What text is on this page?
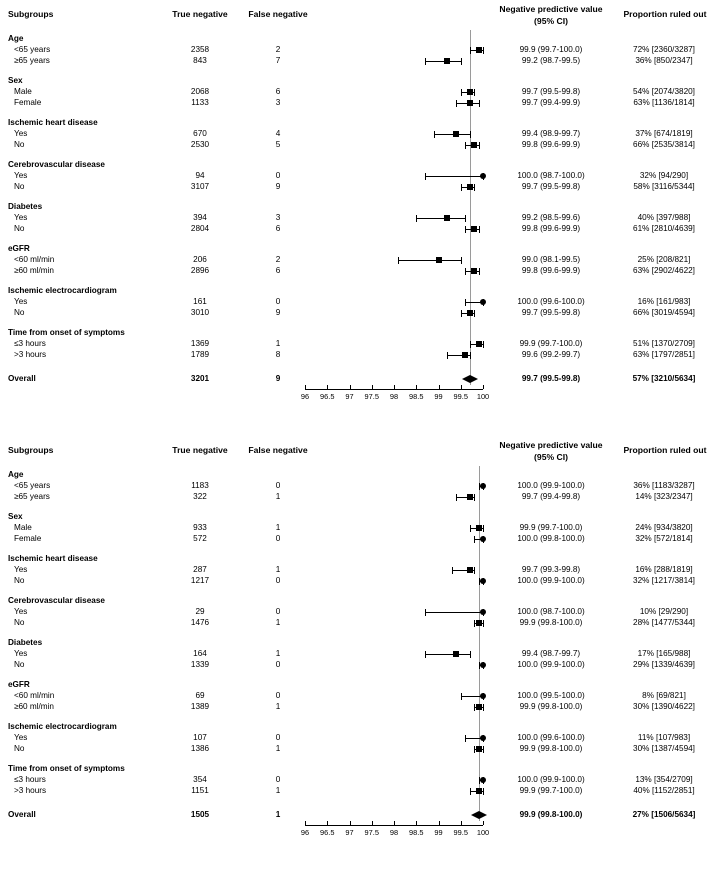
Subgroups	True negative	False negative	Negative predictive value
(95% CI)
Proportion ruled out
96 96.5 97 97.5 98 98.5 99 99.5 100
Age
<65 years	2358	2	99.9 (99.7-100.0)	72% [2360/3287]
≥65 years	843	7	99.2 (98.7-99.5)	36% [850/2347]
Sex
Male	2068	6	99.7 (99.5-99.8)	54% [2074/3820]
Female	1133	3	99.7 (99.4-99.9)	63% [1136/1814]
Ischemic heart disease
Yes	670	4	99.4 (98.9-99.7)	37% [674/1819]
No	2530	5	99.8 (99.6-99.9)	66% [2535/3814]
Cerebrovascular disease
Yes	94	0	100.0 (98.7-100.0)	32% [94/290]
No	3107	9	99.7 (99.5-99.8)	58% [3116/5344]
Diabetes
Yes	394	3	99.2 (98.5-99.6)	40% [397/988]
No	2804	6	99.8 (99.6-99.9)	61% [2810/4639]
eGFR
<60 ml/min	206	2	99.0 (98.1-99.5)	25% [208/821]
≥60 ml/min	2896	6	99.8 (99.6-99.9)	63% [2902/4622]
Ischemic electrocardiogram
Yes	161	0	100.0 (99.6-100.0)	16% [161/983]
No	3010	9	99.7 (99.5-99.8)	66% [3019/4594]
Time from onset of symptoms
≤3 hours	1369	1	99.9 (99.7-100.0)	51% [1370/2709]
>3 hours	1789	8	99.6 (99.2-99.7)	63% [1797/2851]
Overall	3201	9	99.7 (99.5-99.8)	57% [3210/5634]
Subgroups	True negative	False negative	Negative predictive value
(95% CI)
Proportion ruled out
96 96.5 97 97.5 98 98.5 99 99.5 100
Age
<65 years	1183	0	100.0 (99.9-100.0)	36% [1183/3287]
≥65 years	322	1	99.7 (99.4-99.8)	14% [323/2347]
Sex
Male	933	1	99.9 (99.7-100.0)	24% [934/3820]
Female	572	0	100.0 (99.8-100.0)	32% [572/1814]
Ischemic heart disease
Yes	287	1	99.7 (99.3-99.8)	16% [288/1819]
No	1217	0	100.0 (99.9-100.0)	32% [1217/3814]
Cerebrovascular disease
Yes	29	0	100.0 (98.7-100.0)	10% [29/290]
No	1476	1	99.9 (99.8-100.0)	28% [1477/5344]
Diabetes
Yes	164	1	99.4 (98.7-99.7)	17% [165/988]
No	1339	0	100.0 (99.9-100.0)	29% [1339/4639]
eGFR
<60 ml/min	69	0	100.0 (99.5-100.0)	8% [69/821]
≥60 ml/min	1389	1	99.9 (99.8-100.0)	30% [1390/4622]
Ischemic electrocardiogram
Yes	107	0	100.0 (99.6-100.0)	11% [107/983]
No	1386	1	99.9 (99.8-100.0)	30% [1387/4594]
Time from onset of symptoms
≤3 hours	354	0	100.0 (99.9-100.0)	13% [354/2709]
>3 hours	1151	1	99.9 (99.7-100.0)	40% [1152/2851]
Overall	1505	1	99.9 (99.8-100.0)	27% [1506/5634]
